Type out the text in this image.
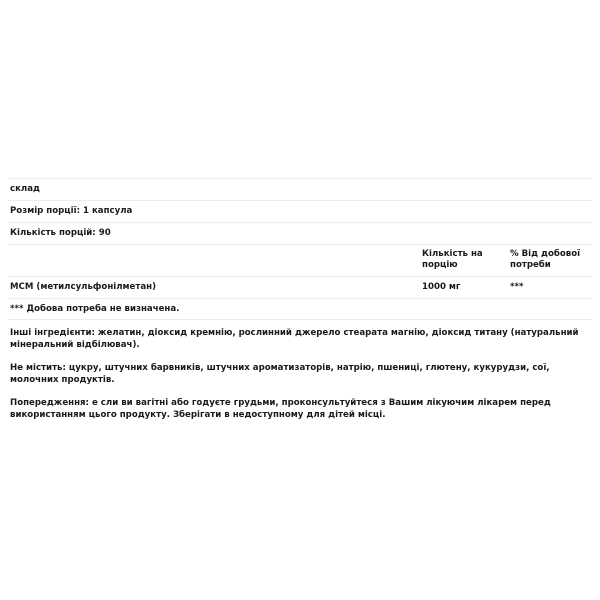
склад
Розмір порції: 1 капсула
Кількість порцій: 90
Кількість на порцію
% Від добової потреби
МСМ (метилсульфонілметан)	1000 мг	***
*** Добова потреба не визначена.

Інші інгредієнти: желатин, діоксид кремнію, рослинний джерело стеарата магнію, діоксид титану (натуральний мінеральний відбілювач).

Не містить: цукру, штучних барвників, штучних ароматизаторів, натрію, пшениці, глютену, кукурудзи, сої, молочних продуктів.

Попередження: е сли ви вагітні або годуєте грудьми, проконсультуйтеся з Вашим лікуючим лікарем перед використанням цього продукту. Зберігати в недоступному для дітей місці.
